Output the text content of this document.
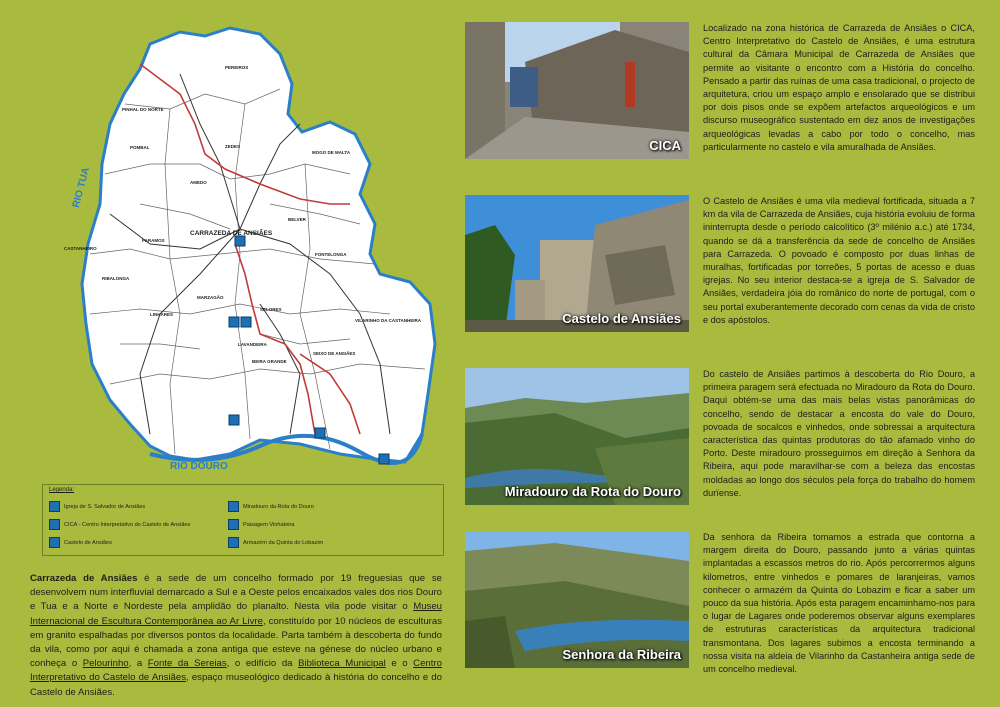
RIO TUA
RIO DOURO
CARRAZEDA DE ANSIÃES
PINHAL DO NORTE
POMBAL	ZEDES
PEREIROS
AMEDO
MOGO DE MALTA
BELVER
FONTELONGA
CASTANHEIRO
PARAMOS
RIBALONGA
LINHARES
MARZAGÃO
SELORES
LAVANDEIRA
SEIXO DE ANSIÃES
BEIRA GRANDE
VILARINHO DA CASTANHEIRA
Legenda:
Igreja de S. Salvador de Ansiães	Miradouro da Rota do Douro
CICA - Centro Interpretativo do Castelo de Ansiães	Paisagem Vinhateira
Castelo de Ansiães	Armazém da Quinta do Lobazim
Carrazeda de Ansiães é a sede de um concelho formado por 19 freguesias que se desenvolvem num interfluvial demarcado a Sul e a Oeste pelos encaixados vales dos rios Douro e Tua e a Norte e Nordeste pela amplidão do planalto. Nesta vila pode visitar o Museu Internacional de Escultura Contemporânea ao Ar Livre, constituído por 10 núcleos de esculturas em granito espalhadas por diversos pontos da localidade. Parta também à descoberta do fundo da vila, como por aqui é chamada a zona antiga que esteve na génese do núcleo urbano e conheça o Pelourinho, a Fonte da Sereias, o edifício da Biblioteca Municipal e o Centro Interpretativo do Castelo de Ansiães, espaço museológico dedicado à história do concelho e do Castelo de Ansiães.
CICA
Localizado na zona histórica de Carrazeda de Ansiães o CICA, Centro Interpretativo do Castelo de Ansiães, é uma estrutura cultural da Câmara Municipal de Carrazeda de Ansiães que permite ao visitante o encontro com a História do concelho. Pensado a partir das ruínas de uma casa tradicional, o projecto de arquitetura, criou um espaço amplo e ensolarado que se distribui por dois pisos onde se expõem artefactos arqueológicos e um discurso museográfico sustentado em dez anos de investigações arqueológicas levadas a cabo por todo o concelho, mas particularmente no castelo e vila amuralhada de Ansiães.
Castelo de Ansiães
O Castelo de Ansiães é uma vila medieval fortificada, situada a 7 km da vila de Carrazeda de Ansiães, cuja história evoluiu de forma ininterrupta desde o período calcolítico (3º milénio a.c.) até 1734, quando se dá a transferência da sede de concelho de Ansiães para Carrazeda. O povoado é composto por duas linhas de muralhas, fortificadas por torreões, 5 portas de acesso e duas igrejas. No seu interior destaca-se a igreja de S. Salvador de Ansiães, verdadeira jóia do românico do norte de portugal, com o seu portal exuberantemente decorado com cenas da vida de cristo e dos apóstolos.
Miradouro da Rota do Douro
Do castelo de Ansiães partimos à descoberta do Rio Douro, a primeira paragem será efectuada no Miradouro da Rota do Douro. Daqui obtém-se uma das mais belas vistas panorâmicas do concelho, sendo de destacar a encosta do vale do Douro, povoada de socalcos e vinhedos, onde sobressai a arquitectura característica das quintas produtoras do tão afamado vinho do Porto. Deste miradouro prosseguimos em direção à Senhora da Ribeira, aqui pode maravilhar-se com a beleza das encostas moldadas ao longo dos séculos pela força do trabalho do homem durïense.
Senhora da Ribeira
Da senhora da Ribeira tomamos a estrada que contorna a margem direita do Douro, passando junto a várias quintas implantadas a escassos metros do rio. Após percorrermos alguns kilometros, entre vinhedos e pomares de laranjeiras, vamos conhecer o armazém da Quinta do Lobazim e ficar a saber um pouco da sua história. Após esta paragem encaminhamo-nos para o lugar de Lagares onde poderemos observar alguns exemplares de estruturas características da arquitectura tradicional transmontana. Dos lagares subimos a encosta terminando a nossa visita na aldeia de Vilarinho da Castanheira antiga sede de um concelho medieval.
